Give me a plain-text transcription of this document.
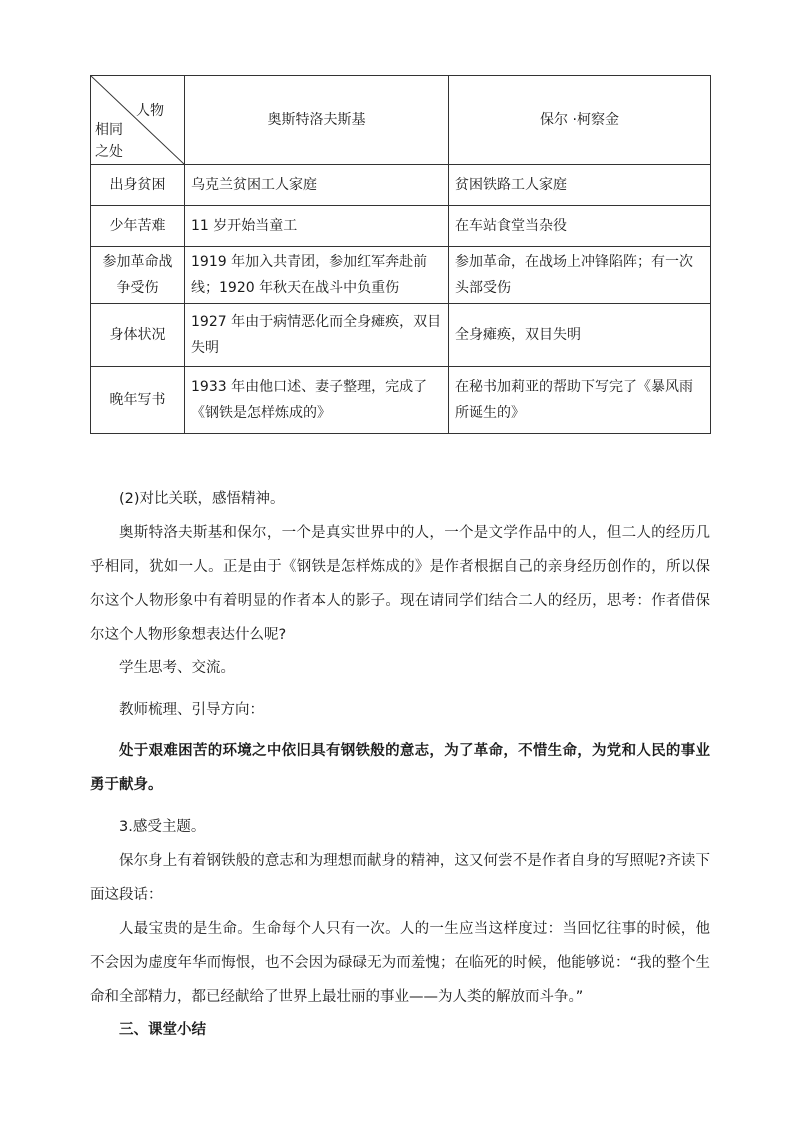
人物
相同之处	奥斯特洛夫斯基	保尔 ·柯察金
出身贫困	乌克兰贫困工人家庭	贫困铁路工人家庭
少年苦难	11 岁开始当童工	在车站食堂当杂役
参加革命战争受伤	1919 年加入共青团，参加红军奔赴前线；1920 年秋天在战斗中负重伤	参加革命，在战场上冲锋陷阵；有一次头部受伤
身体状况	1927 年由于病情恶化而全身瘫痪，双目失明	全身瘫痪，双目失明
晚年写书	1933 年由他口述、妻子整理，完成了《钢铁是怎样炼成的》	在秘书加莉亚的帮助下写完了《暴风雨所诞生的》

(2)对比关联，感悟精神。

奥斯特洛夫斯基和保尔，一个是真实世界中的人，一个是文学作品中的人，但二人的经历几乎相同，犹如一人。正是由于《钢铁是怎样炼成的》是作者根据自己的亲身经历创作的，所以保尔这个人物形象中有着明显的作者本人的影子。现在请同学们结合二人的经历，思考：作者借保尔这个人物形象想表达什么呢?

学生思考、交流。

教师梳理、引导方向：

处于艰难困苦的环境之中依旧具有钢铁般的意志，为了革命，不惜生命，为党和人民的事业勇于献身。

3.感受主题。

保尔身上有着钢铁般的意志和为理想而献身的精神，这又何尝不是作者自身的写照呢?齐读下面这段话：

人最宝贵的是生命。生命每个人只有一次。人的一生应当这样度过：当回忆往事的时候，他不会因为虚度年华而悔恨，也不会因为碌碌无为而羞愧；在临死的时候，他能够说：“我的整个生命和全部精力，都已经献给了世界上最壮丽的事业——为人类的解放而斗争。”

三、课堂小结
